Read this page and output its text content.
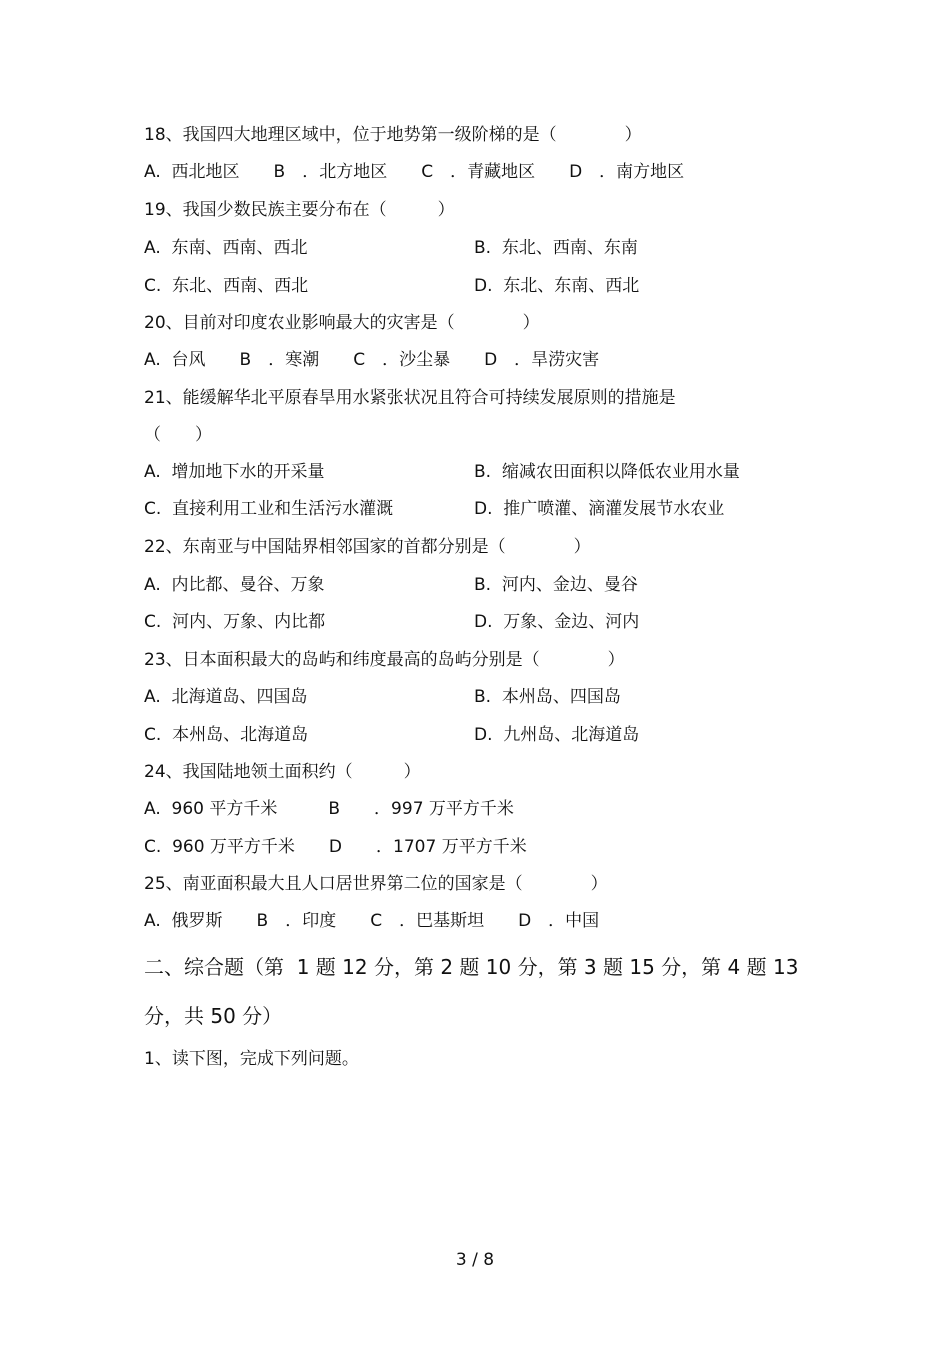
18、我国四大地理区域中，位于地势第一级阶梯的是（　　　　）
A.  西北地区　　B　．北方地区　　C　．青藏地区　　D　．南方地区
19、我国少数民族主要分布在（　　　）
A.  东南、西南、西北	B.  东北、西南、东南
C.  东北、西南、西北	D.  东北、东南、西北
20、目前对印度农业影响最大的灾害是（　　　　）
A.  台风　　B　．寒潮　　C　．沙尘暴　　D　．旱涝灾害
21、能缓解华北平原春旱用水紧张状况且符合可持续发展原则的措施是
（　　）
A.  增加地下水的开采量	B.  缩减农田面积以降低农业用水量
C.  直接利用工业和生活污水灌溉	D.  推广喷灌、滴灌发展节水农业
22、东南亚与中国陆界相邻国家的首都分别是（　　　　）
A.  内比都、曼谷、万象	B.  河内、金边、曼谷
C.  河内、万象、内比都	D.  万象、金边、河内
23、日本面积最大的岛屿和纬度最高的岛屿分别是（　　　　）
A.  北海道岛、四国岛	B.  本州岛、四国岛
C.  本州岛、北海道岛	D.  九州岛、北海道岛
24、我国陆地领土面积约（　　　）
A.  960 平方千米　　　B　　．997 万平方千米
C.  960 万平方千米　　D　　．1707 万平方千米
25、南亚面积最大且人口居世界第二位的国家是（　　　　）
A.  俄罗斯　　B　．印度　　C　．巴基斯坦　　D　．中国
二、综合题（第  1 题 12 分，第 2 题 10 分，第 3 题 15 分，第 4 题 13
分，共 50 分）
1、读下图，完成下列问题。
3 / 8
